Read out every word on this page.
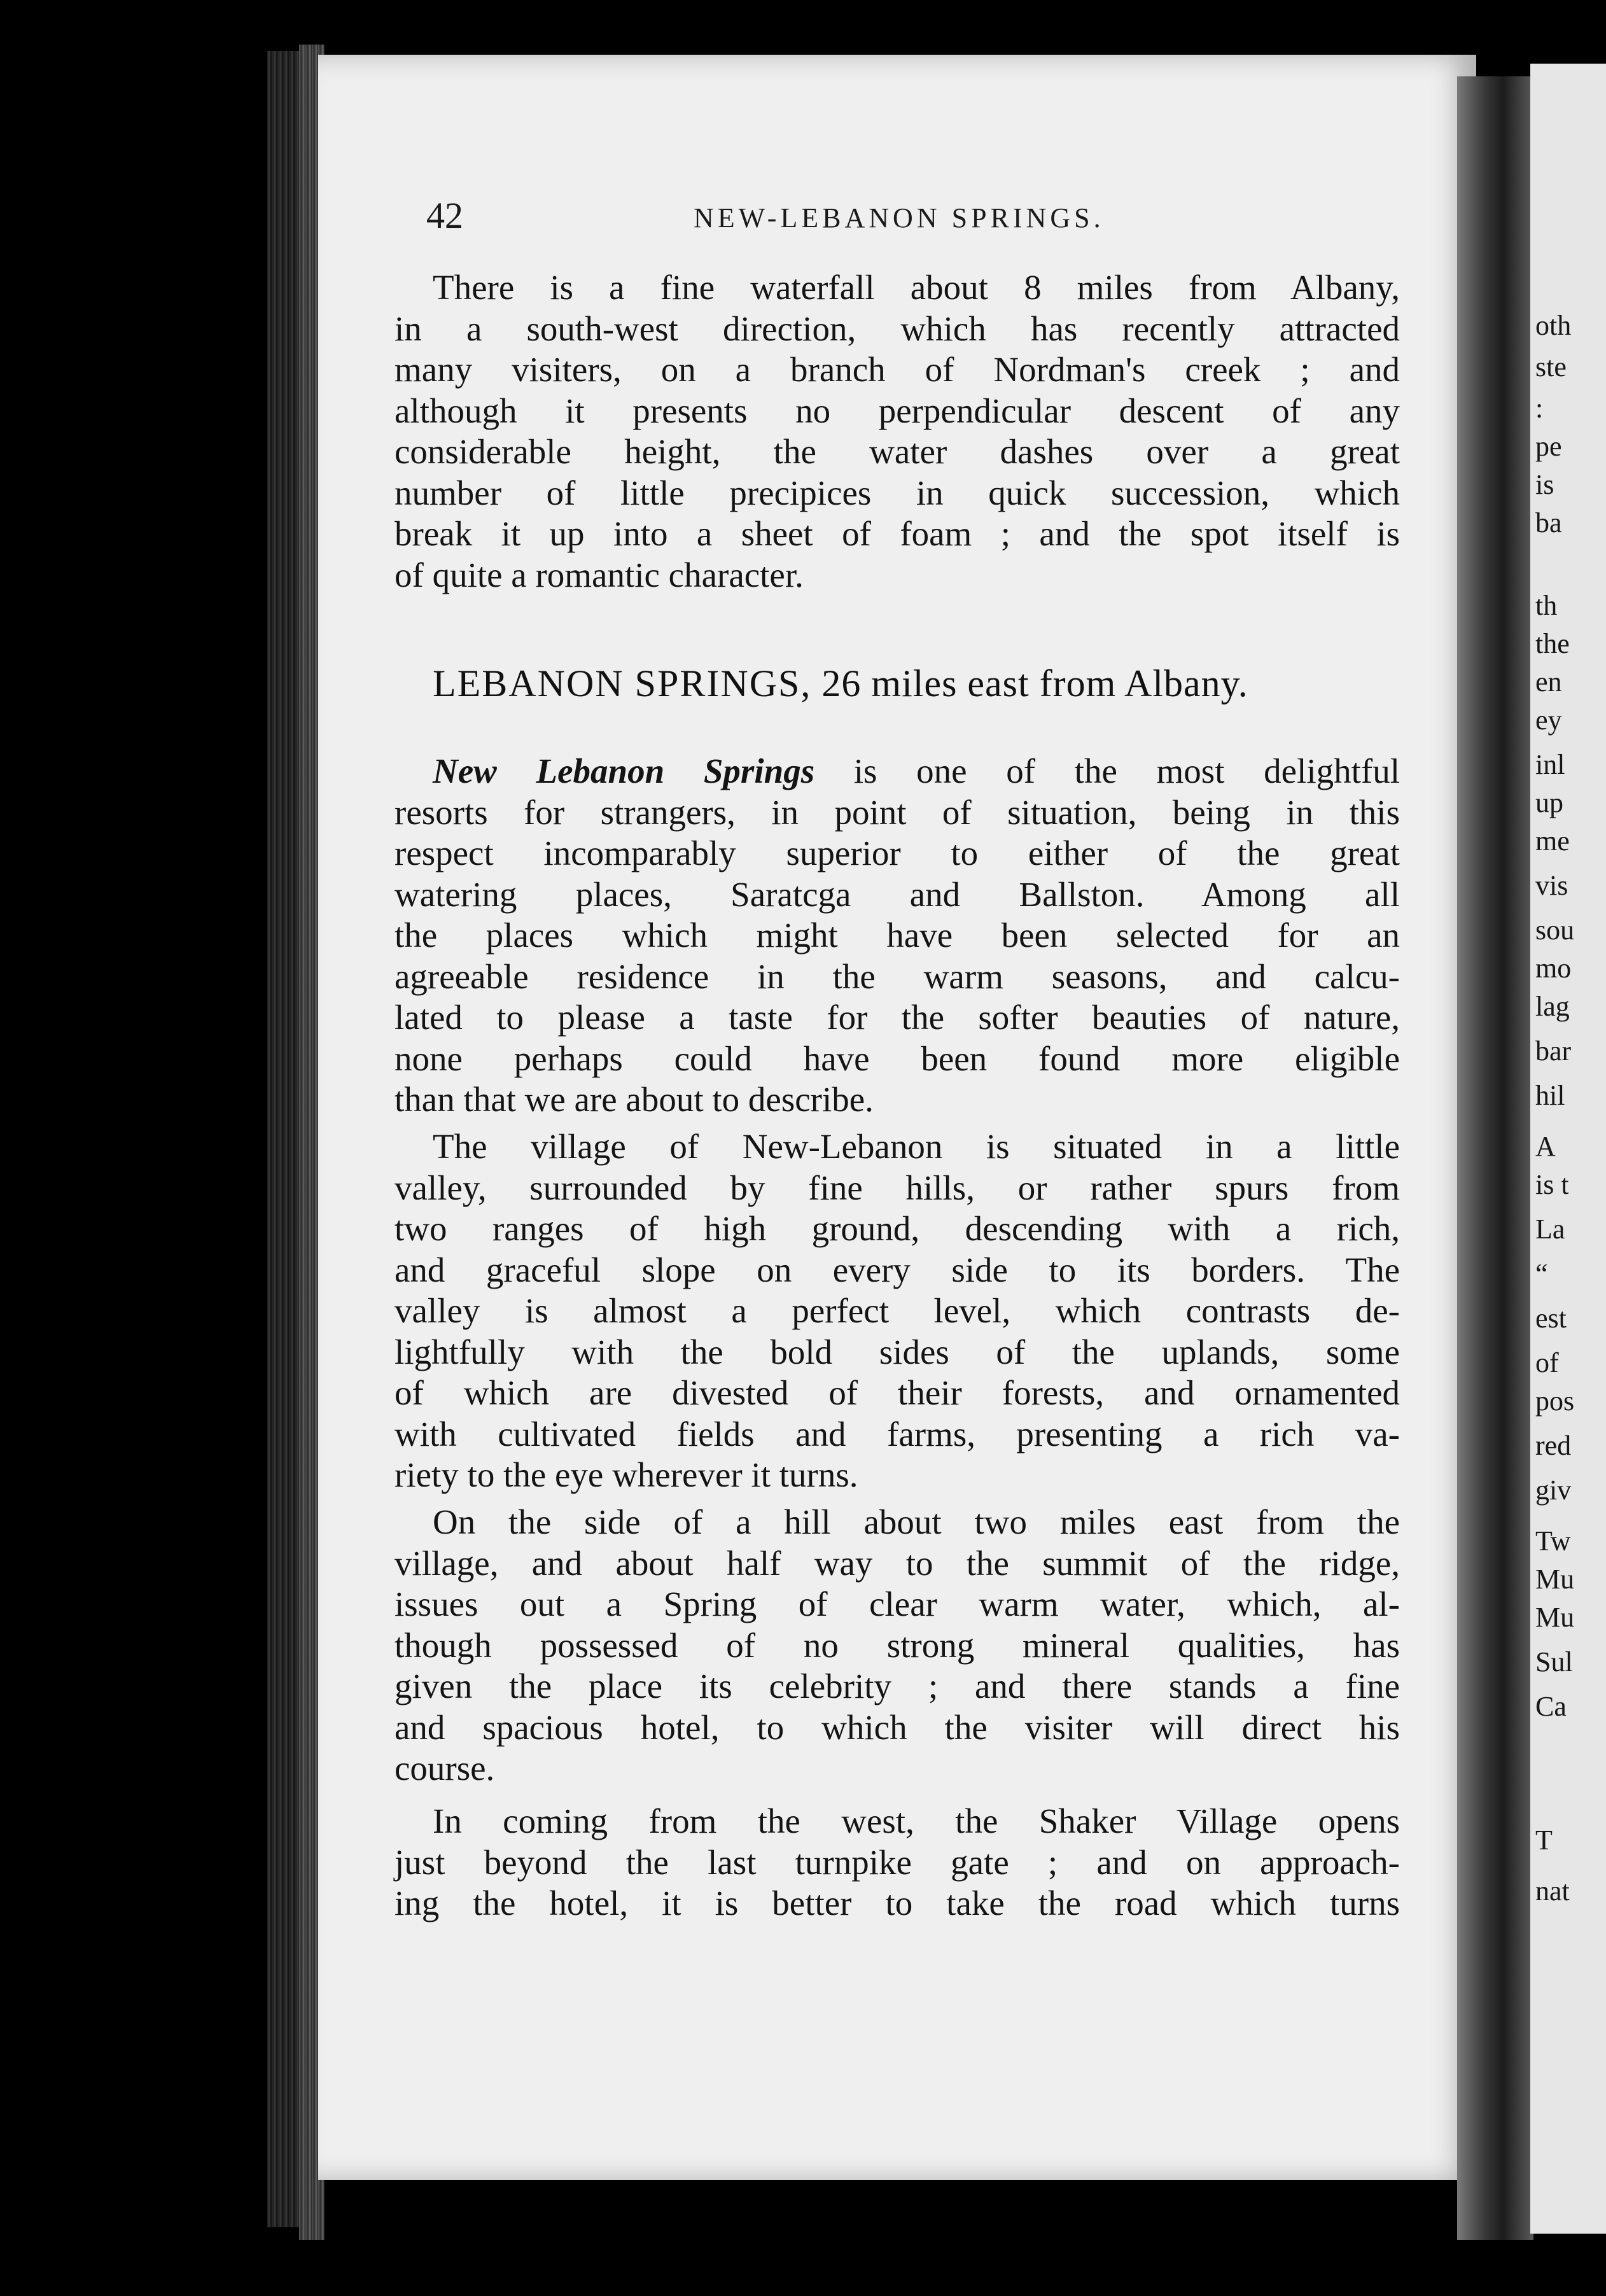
oth
ste
:
pe
is
ba
th
the
en
ey
inl
up
me
vis
sou
mo
lag
bar
hil
A
is t
La
“
est
of
pos
red
giv
Tw
Mu
Mu
Sul
Ca
T
nat
42	NEW-LEBANON SPRINGS.
There is a fine waterfall about 8 miles from Albany,
in a south-west direction, which has recently attracted
many visiters, on a branch of Nordman's creek ; and
although it presents no perpendicular descent of any
considerable height, the water dashes over a great
number of little precipices in quick succession, which
break it up into a sheet of foam ; and the spot itself is
of quite a romantic character.
LEBANON SPRINGS, 26 miles east from Albany.
New Lebanon Springs is one of the most delightful
resorts for strangers, in point of situation, being in this
respect incomparably superior to either of the great
watering places, Saratcga and Ballston. Among all
the places which might have been selected for an
agreeable residence in the warm seasons, and calcu-
lated to please a taste for the softer beauties of nature,
none perhaps could have been found more eligible
than that we are about to describe.
The village of New-Lebanon is situated in a little
valley, surrounded by fine hills, or rather spurs from
two ranges of high ground, descending with a rich,
and graceful slope on every side to its borders. The
valley is almost a perfect level, which contrasts de-
lightfully with the bold sides of the uplands, some
of which are divested of their forests, and ornamented
with cultivated fields and farms, presenting a rich va-
riety to the eye wherever it turns.
On the side of a hill about two miles east from the
village, and about half way to the summit of the ridge,
issues out a Spring of clear warm water, which, al-
though possessed of no strong mineral qualities, has
given the place its celebrity ; and there stands a fine
and spacious hotel, to which the visiter will direct his
course.
In coming from the west, the Shaker Village opens
just beyond the last turnpike gate ; and on approach-
ing the hotel, it is better to take the road which turns
